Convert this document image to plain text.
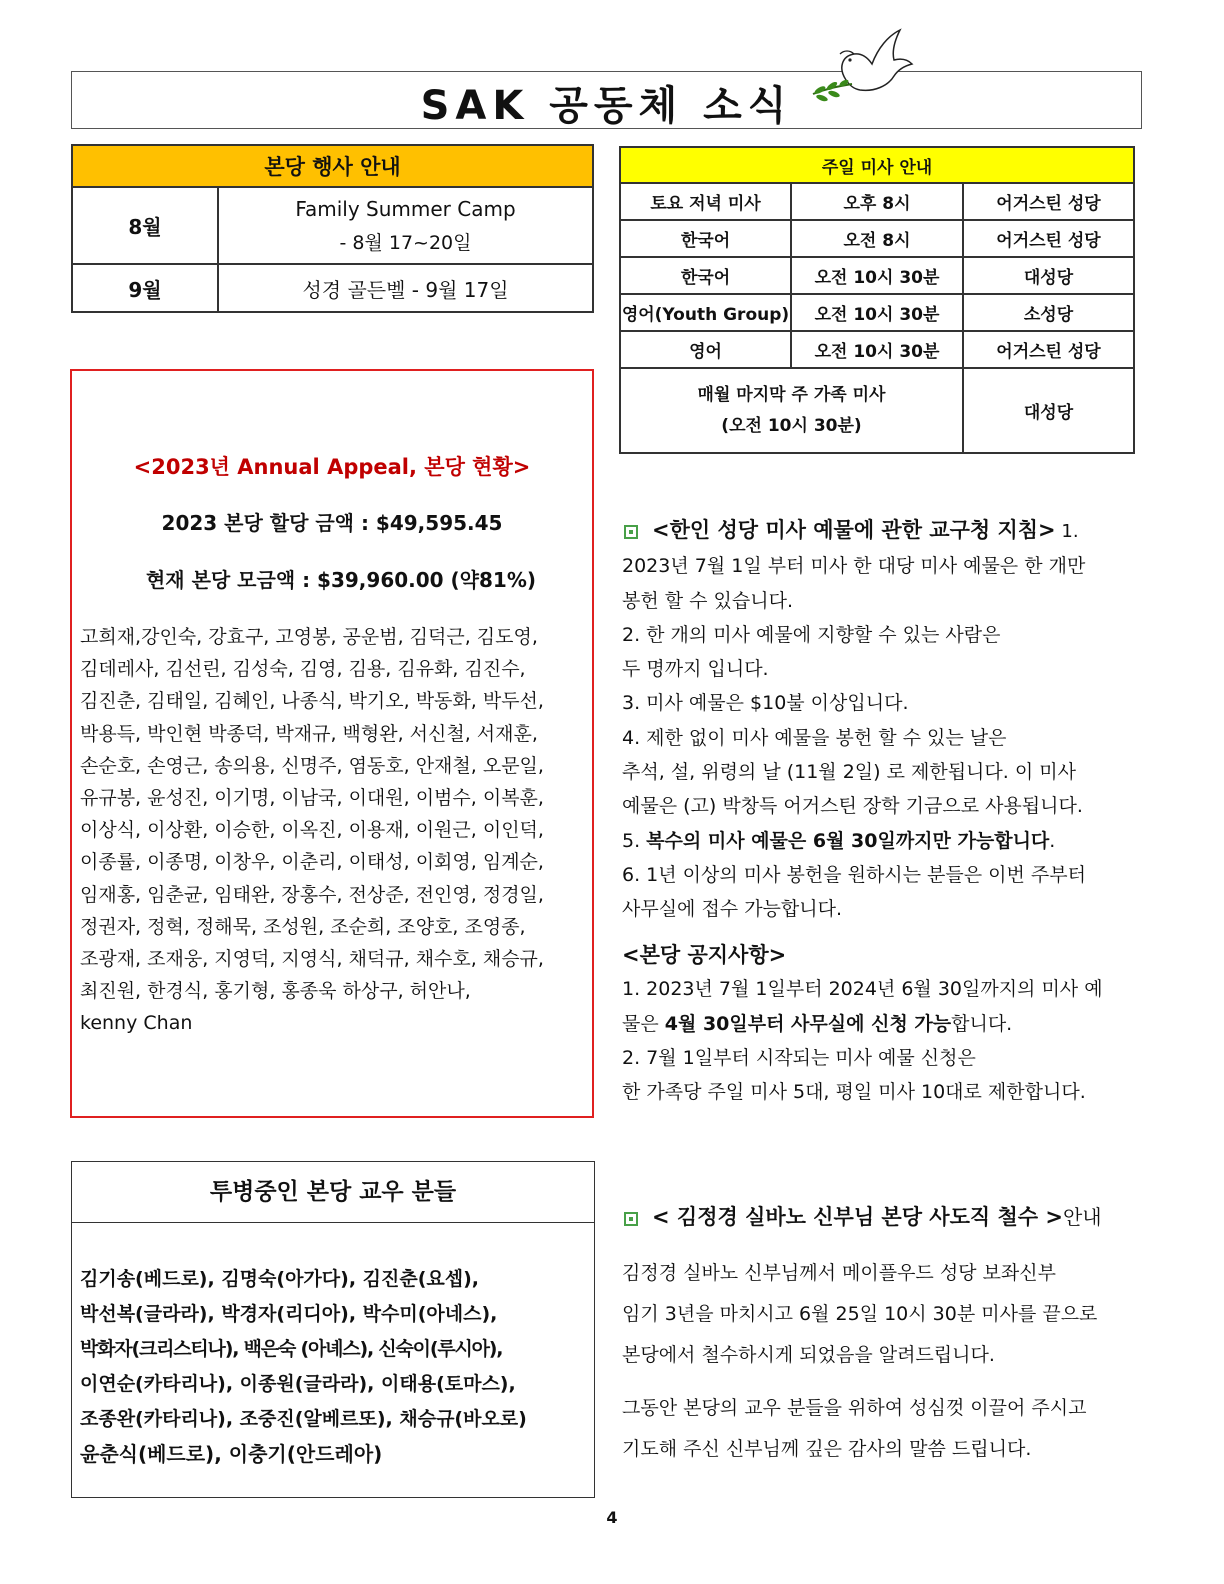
SAK 공동체 소식
본당 행사 안내	
8월	Family Summer Camp
- 8월 17~20일

9월	성경 골든벨 - 9월 17일
주일 미사 안내		
토요 저녁 미사	오후 8시	어거스틴 성당
한국어	오전 8시	어거스틴 성당
한국어	오전 10시 30분	대성당
영어(Youth Group)	오전 10시 30분	소성당
영어	오전 10시 30분	어거스틴 성당

매월 마지막 주 가족 미사
(오전 10시 30분)		대성당
<2023년 Annual Appeal, 본당 현황>
2023 본당 할당 금액 : $49,595.45
현재 본당 모금액 : $39,960.00 (약81%)
고희재,강인숙, 강효구, 고영봉, 공운범, 김덕근, 김도영,
김데레사, 김선린, 김성숙, 김영, 김용, 김유화, 김진수,
김진춘, 김태일, 김혜인, 나종식, 박기오, 박동화, 박두선,
박용득, 박인현 박종덕, 박재규, 백형완, 서신철, 서재훈,
손순호, 손영근, 송의용, 신명주, 염동호, 안재철, 오문일,
유규봉, 윤성진, 이기명, 이남국, 이대원, 이범수, 이복훈,
이상식, 이상환, 이승한, 이옥진, 이용재, 이원근, 이인덕,
이종률, 이종명, 이창우, 이춘리, 이태성, 이회영, 임계순,
임재홍, 임춘균, 임태완, 장홍수, 전상준, 전인영, 정경일,
정권자, 정혁, 정해묵, 조성원, 조순희, 조양호, 조영종,
조광재, 조재웅, 지영덕, 지영식, 채덕규, 채수호, 채승규,
최진원, 한경식, 홍기형, 홍종욱 하상구, 허안나,
kenny Chan
투병중인 본당 교우 분들
김기송(베드로), 김명숙(아가다), 김진춘(요셉),
박선복(글라라), 박경자(리디아), 박수미(아네스),
박화자(크리스티나), 백은숙 (아녜스), 신숙이(루시아),
이연순(카타리나), 이종원(글라라), 이태용(토마스),
조종완(카타리나), 조중진(알베르또), 채승규(바오로)
윤춘식(베드로), 이충기(안드레아)
<한인 성당 미사 예물에 관한 교구청 지침> 1.
2023년 7월 1일 부터 미사 한 대당 미사 예물은 한 개만
봉헌 할 수 있습니다.
2. 한 개의 미사 예물에 지향할 수 있는 사람은
두 명까지 입니다.
3. 미사 예물은 $10불 이상입니다.
4. 제한 없이 미사 예물을 봉헌 할 수 있는 날은
추석, 설, 위령의 날 (11월 2일) 로 제한됩니다. 이 미사
예물은 (고) 박창득 어거스틴 장학 기금으로 사용됩니다.
5. 복수의 미사 예물은 6월 30일까지만 가능합니다.
6. 1년 이상의 미사 봉헌을 원하시는 분들은 이번 주부터
사무실에 접수 가능합니다.
<본당 공지사항>
1. 2023년 7월 1일부터 2024년 6월 30일까지의 미사 예
물은 4월 30일부터 사무실에 신청 가능합니다.
2. 7월 1일부터 시작되는 미사 예물 신청은
한 가족당 주일 미사 5대, 평일 미사 10대로 제한합니다.
< 김정경 실바노 신부님 본당 사도직 철수 >안내
김정경 실바노 신부님께서 메이플우드 성당 보좌신부
임기 3년을 마치시고 6월 25일 10시 30분 미사를 끝으로
본당에서 철수하시게 되었음을 알려드립니다.
그동안 본당의 교우 분들을 위하여 성심껏 이끌어 주시고
기도해 주신 신부님께 깊은 감사의 말씀 드립니다.
4
